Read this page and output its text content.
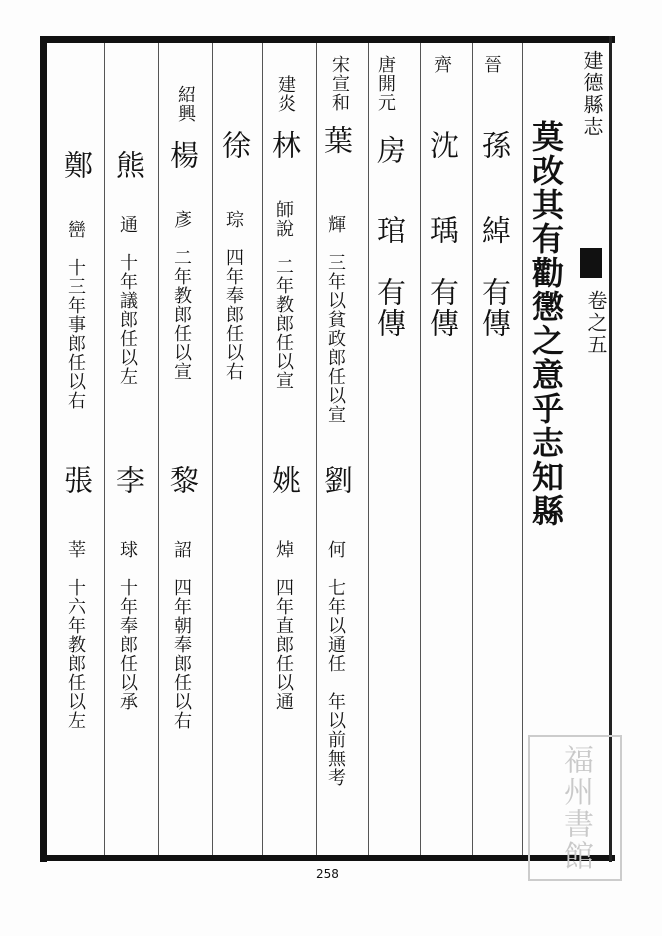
建德縣志
卷之五
莫改其有勸懲之意乎志知縣
晉
孫
綽　有傳
齊
沈
瑀　有傳
唐開元
房
琯　有傳
宋宣和
葉
輝　三年以貧政郎任以宣
劉
何　七年以通任　年以前無考
建炎
林
師說　二年教郎任以宣
姚
焯　四年直郎任以通
徐
琮　四年奉郎任以右
紹興
楊
彥　二年教郎任以宣
黎
詔　四年朝奉郎任以右
熊
通　十年議郎任以左
李
球　十年奉郎任以承
鄭
巒　十三年事郎任以右
張
莘　十六年教郎任以左
福州書館
258
